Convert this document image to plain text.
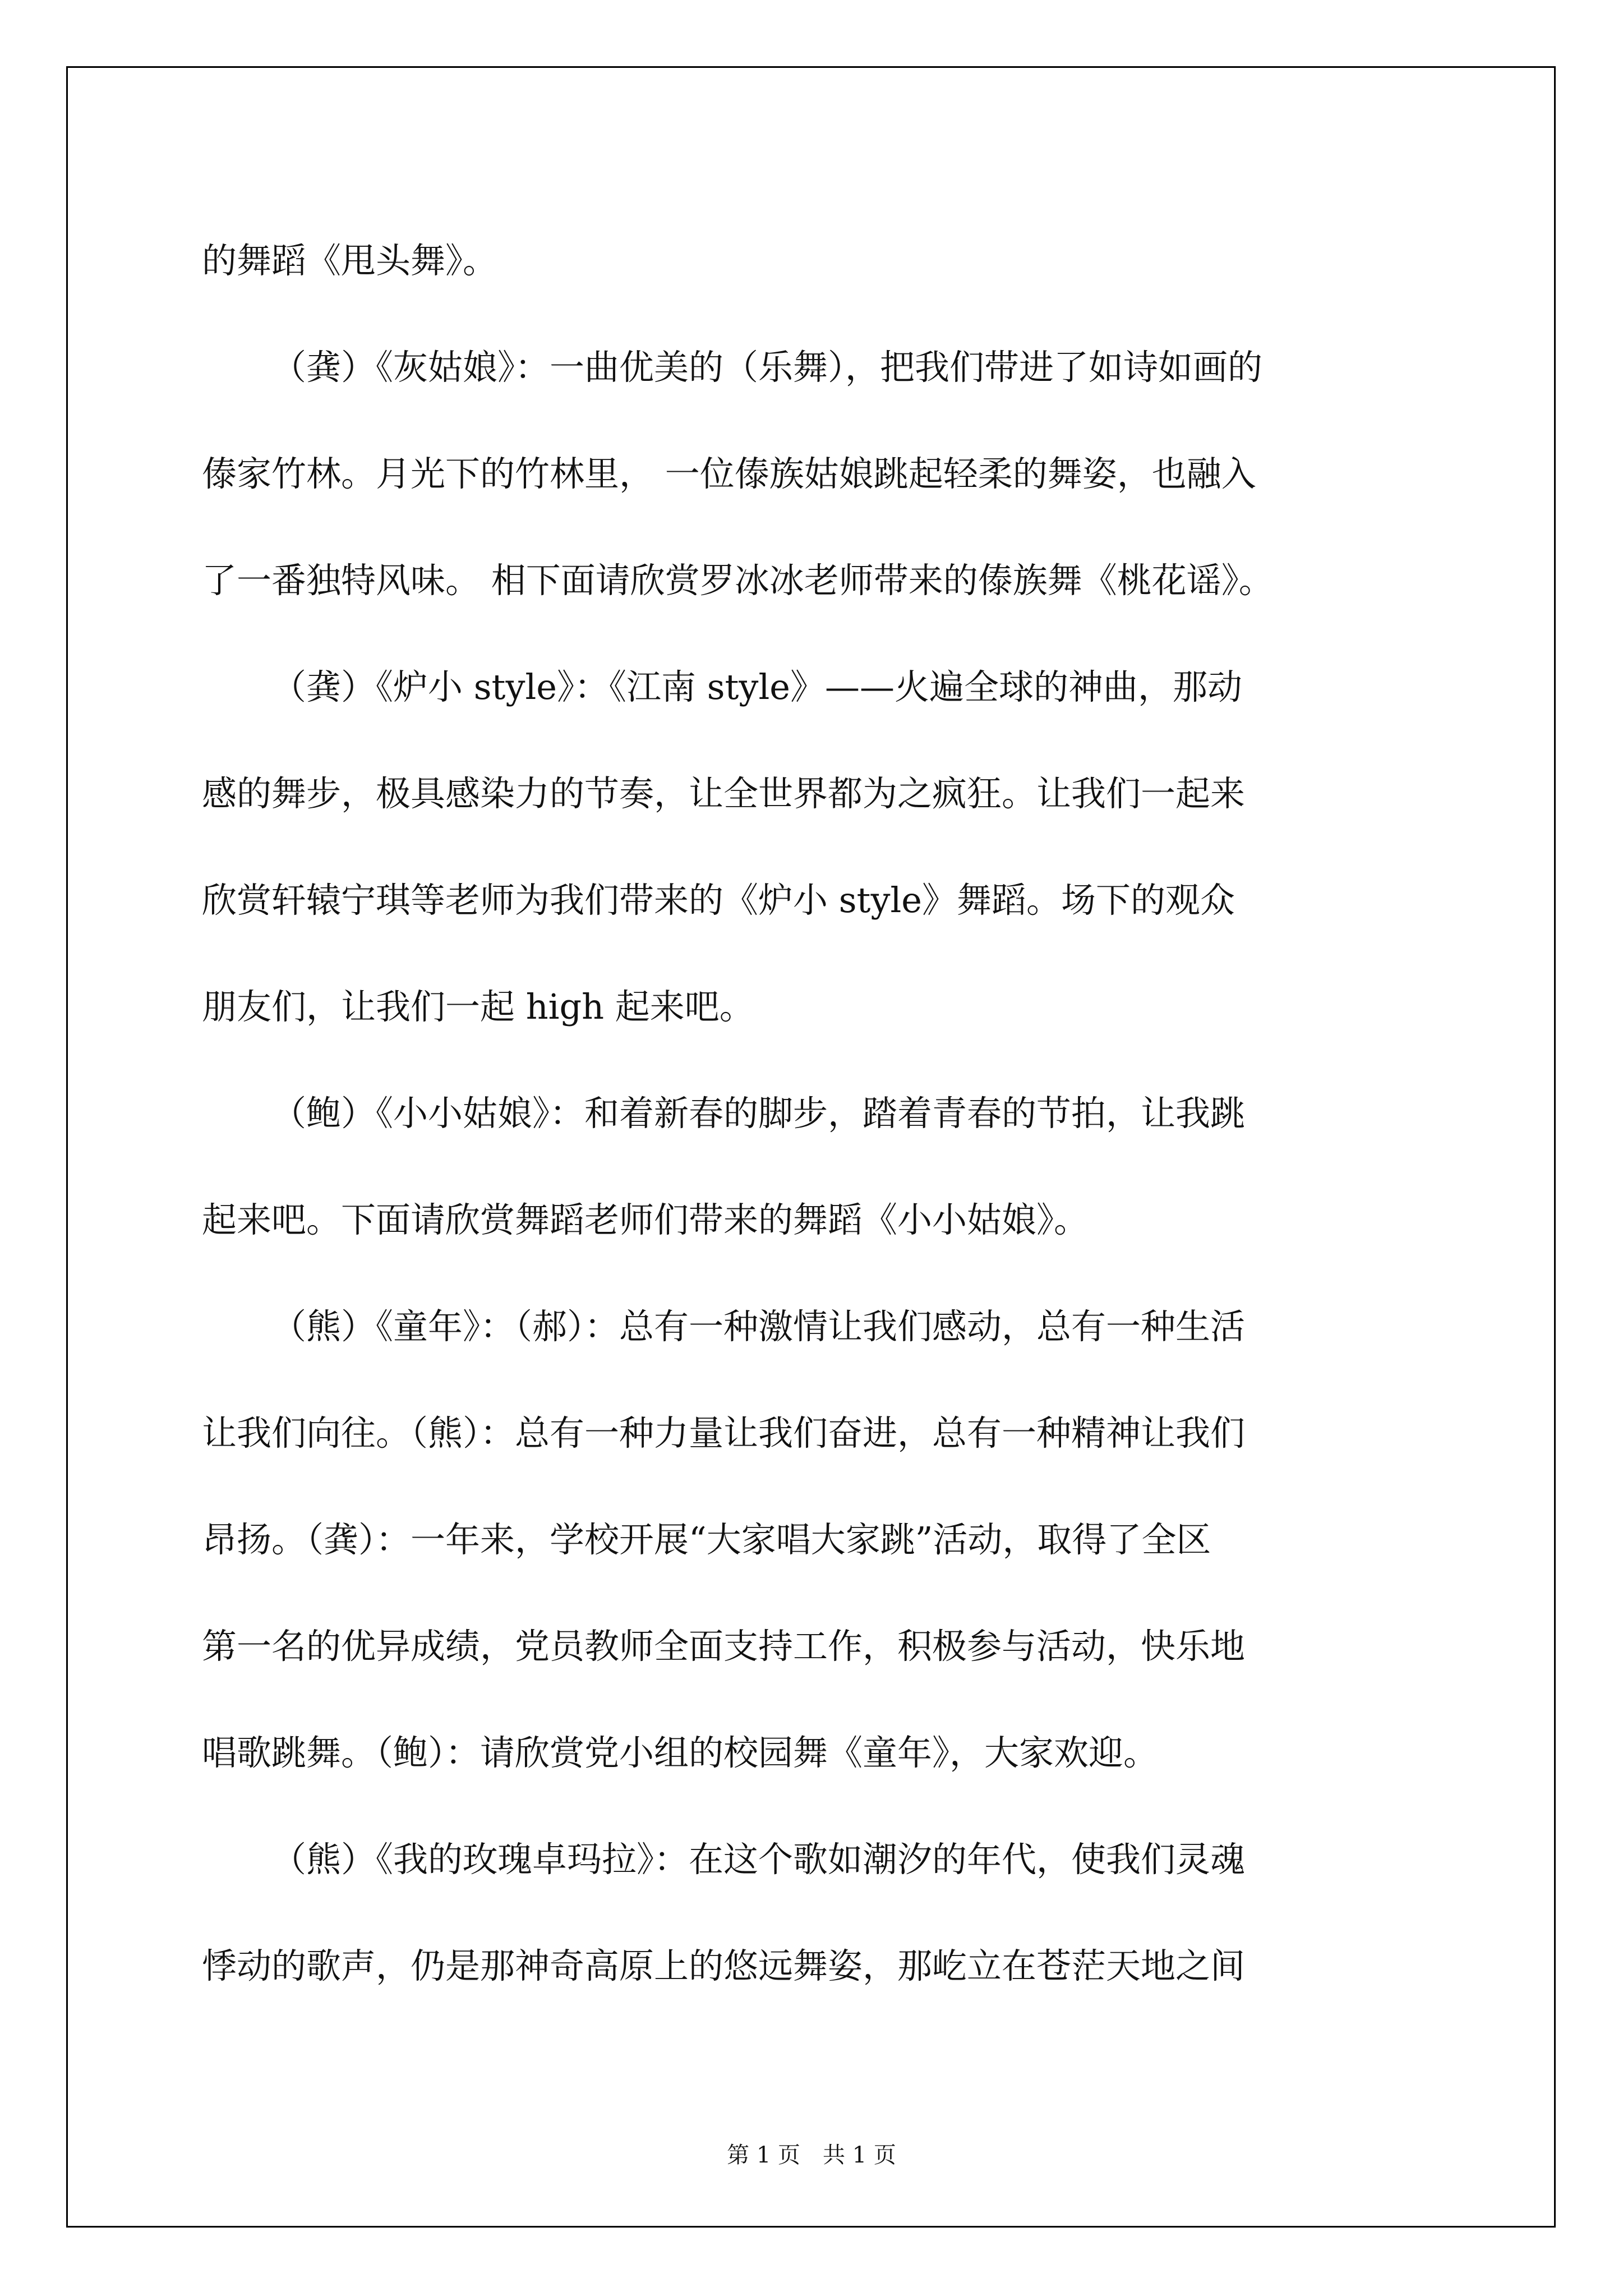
的舞蹈《甩头舞》。
（龚）《灰姑娘》：一曲优美的（乐舞），把我们带进了如诗如画的
傣家竹林。月光下的竹林里， 一位傣族姑娘跳起轻柔的舞姿，也融入
了一番独特风味。 相下面请欣赏罗冰冰老师带来的傣族舞《桃花谣》。
（龚）《炉小 style》：《江南 style》——火遍全球的神曲，那动
感的舞步，极具感染力的节奏，让全世界都为之疯狂。让我们一起来
欣赏轩辕宁琪等老师为我们带来的《炉小 style》舞蹈。场下的观众
朋友们，让我们一起 high 起来吧。
（鲍）《小小姑娘》：和着新春的脚步，踏着青春的节拍，让我跳
起来吧。下面请欣赏舞蹈老师们带来的舞蹈《小小姑娘》。
（熊）《童年》：（郝）：总有一种激情让我们感动，总有一种生活
让我们向往。（熊）：总有一种力量让我们奋进，总有一种精神让我们
昂扬。（龚）：一年来，学校开展“大家唱大家跳”活动，取得了全区
第一名的优异成绩，党员教师全面支持工作，积极参与活动，快乐地
唱歌跳舞。（鲍）：请欣赏党小组的校园舞《童年》，大家欢迎。
（熊）《我的玫瑰卓玛拉》：在这个歌如潮汐的年代，使我们灵魂
悸动的歌声，仍是那神奇高原上的悠远舞姿，那屹立在苍茫天地之间
第 1 页　共 1 页
